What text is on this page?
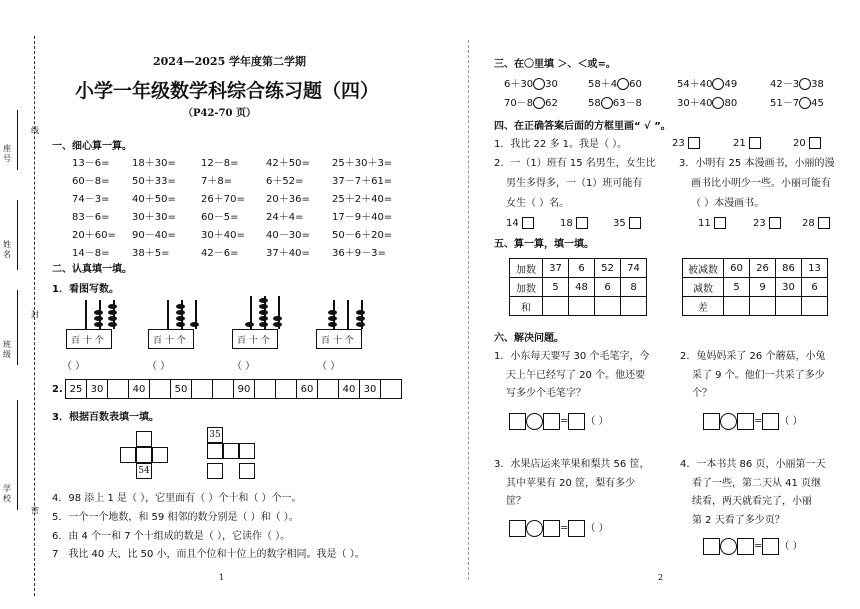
座号
姓名
班级
学校
线
封
密
2024—2025 学年度第二学期
小学一年级数学科综合练习题（四）
（P42-70 页）
一、细心算一算。
13－6= 18＋30=	12－8=	42＋50= 25＋30＋3=
60－8= 50＋33=	7＋8=	6＋52=	37－7＋61=
74－3= 40＋50=	26＋70= 20＋36= 25＋2＋40=
83－6= 30＋30=	60－5=	24＋4=	17－9＋40=
20＋60= 90－40=	30＋40= 40－30= 50－6＋20=
14－8= 38＋5=	42－6=	37＋40= 36＋9－3=
二、认真填一填。
1．看图写数。
百 十 个	百 十 个	百 十 个	百 十 个
（ ）	（ ）	（ ）	（ ）
2. 25	30		40		50			90			60		40	30	
3．根据百数表填一填。
54
35
4．98 添上 1 是（ ），它里面有（ ）个十和（ ）个一。
5．一个一个地数，和 59 相邻的数分别是（ ）和（ ）。
6．由 4 个一和 7 个十组成的数是（ ），它读作（ ）。
7　我比 40 大，比 50 小，而且个位和十位上的数字相同。我是（ ）。
1
三、在〇里填 ＞、＜或=。
6＋30 30	58＋4 60	54＋40 49	42－3 38
70－8 62	58 63－8	30＋40 80	51－7 45
四、在正确答案后面的方框里画“ √ ”。
1．我比 22 多 1。我是（ ）。	23	21	20
2．一（1）班有 15 名男生，女生比
男生多得多，一（1）班可能有
女生（ ）名。
14	18	35
3．小明有 25 本漫画书，小丽的漫
画书比小明少一些。小丽可能有
（ ）本漫画书。
11	23	28
五、算一算，填一填。
加数	37	6	52	74
加数	5	48	6	8
和				
被减数	60	26	86	13
减数	5	9	30	6
差				
六、解决问题。
1．小东每天要写 30 个毛笔字，今
天上午已经写了 20 个。他还要
写多少个毛笔字？
= （ ）
2．兔妈妈采了 26 个蘑菇，小兔
采了 9 个。他们一共采了多少
个？
= （ ）
3．水果店运来苹果和梨共 56 筐，
其中苹果有 20 筐，梨有多少
筐？
= （ ）
4．一本书共 86 页，小丽第一天
看了一些，第二天从 41 页继
续看，两天就看完了，小丽
第 2 天看了多少页？
= （ ）
2
